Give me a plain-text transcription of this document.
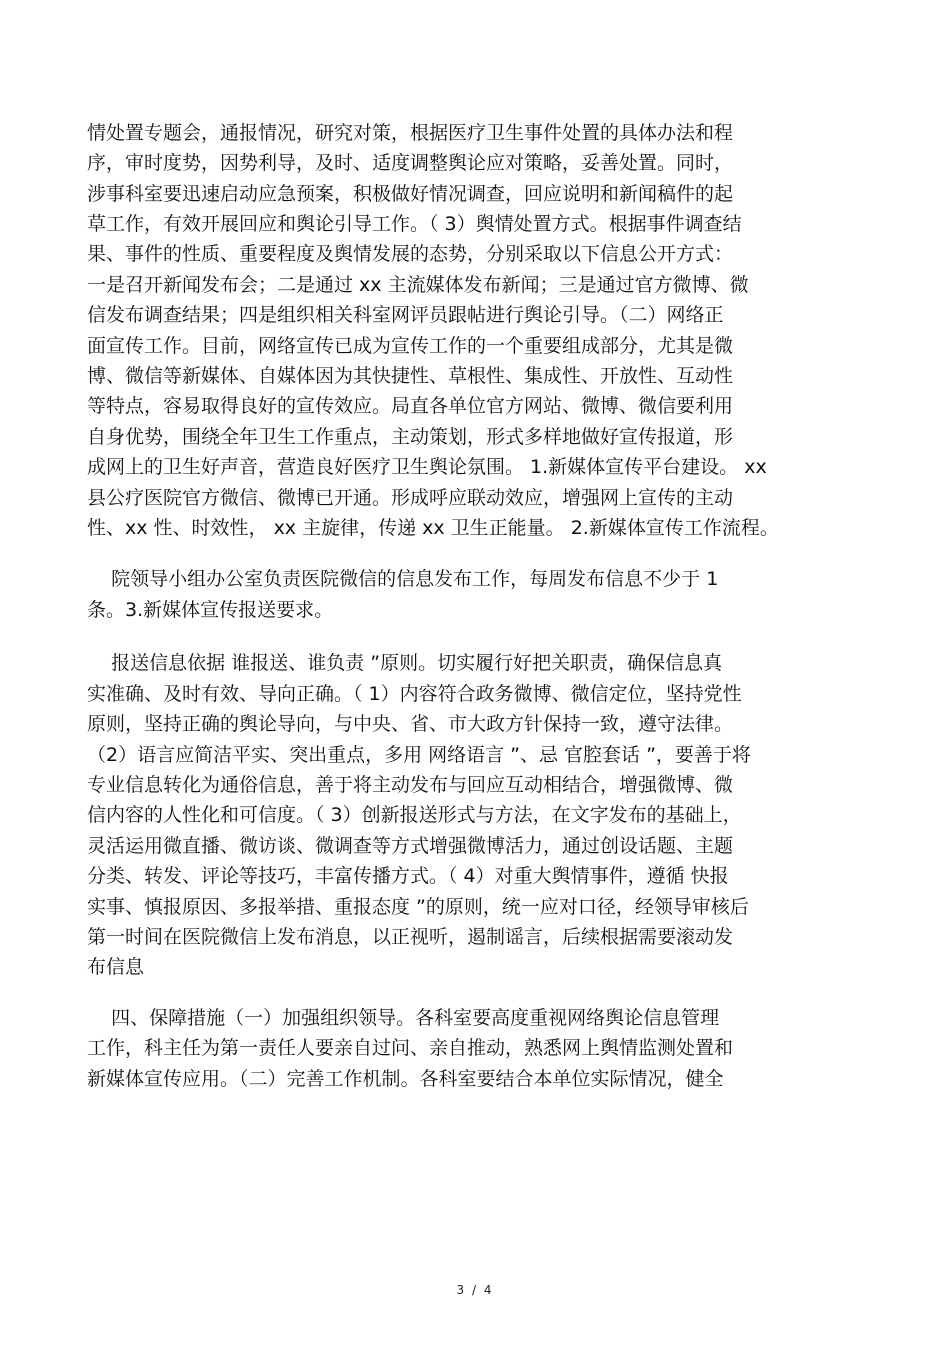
情处置专题会，通报情况，研究对策，根据医疗卫生事件处置的具体办法和程
序，审时度势，因势利导，及时、适度调整舆论应对策略，妥善处置。同时，
涉事科室要迅速启动应急预案，积极做好情况调查，回应说明和新闻稿件的起
草工作，有效开展回应和舆论引导工作。（ 3）舆情处置方式。根据事件调查结
果、事件的性质、重要程度及舆情发展的态势，分别采取以下信息公开方式：
一是召开新闻发布会；二是通过 xx 主流媒体发布新闻；三是通过官方微博、微
信发布调查结果；四是组织相关科室网评员跟帖进行舆论引导。（二）网络正
面宣传工作。目前，网络宣传已成为宣传工作的一个重要组成部分，尤其是微
博、微信等新媒体、自媒体因为其快捷性、草根性、集成性、开放性、互动性
等特点，容易取得良好的宣传效应。局直各单位官方网站、微博、微信要利用
自身优势，围绕全年卫生工作重点，主动策划，形式多样地做好宣传报道，形
成网上的卫生好声音，营造良好医疗卫生舆论氛围。 1.新媒体宣传平台建设。 xx
县公疗医院官方微信、微博已开通。形成呼应联动效应，增强网上宣传的主动
性、xx 性、时效性， xx 主旋律，传递 xx 卫生正能量。 2.新媒体宣传工作流程。
院领导小组办公室负责医院微信的信息发布工作，每周发布信息不少于 1
条。3.新媒体宣传报送要求。
报送信息依据 谁报送、谁负责 ”原则。切实履行好把关职责，确保信息真
实准确、及时有效、导向正确。（ 1）内容符合政务微博、微信定位，坚持党性
原则，坚持正确的舆论导向，与中央、省、市大政方针保持一致，遵守法律。
（2）语言应简洁平实、突出重点，多用 网络语言 ”、忌 官腔套话 ”，要善于将
专业信息转化为通俗信息，善于将主动发布与回应互动相结合，增强微博、微
信内容的人性化和可信度。（ 3）创新报送形式与方法，在文字发布的基础上，
灵活运用微直播、微访谈、微调查等方式增强微博活力，通过创设话题、主题
分类、转发、评论等技巧，丰富传播方式。（ 4）对重大舆情事件，遵循 快报
实事、慎报原因、多报举措、重报态度 ”的原则，统一应对口径，经领导审核后
第一时间在医院微信上发布消息，以正视听，遏制谣言，后续根据需要滚动发
布信息
四、保障措施（一）加强组织领导。各科室要高度重视网络舆论信息管理
工作，科主任为第一责任人要亲自过问、亲自推动，熟悉网上舆情监测处置和
新媒体宣传应用。（二）完善工作机制。各科室要结合本单位实际情况，健全
3 / 4
